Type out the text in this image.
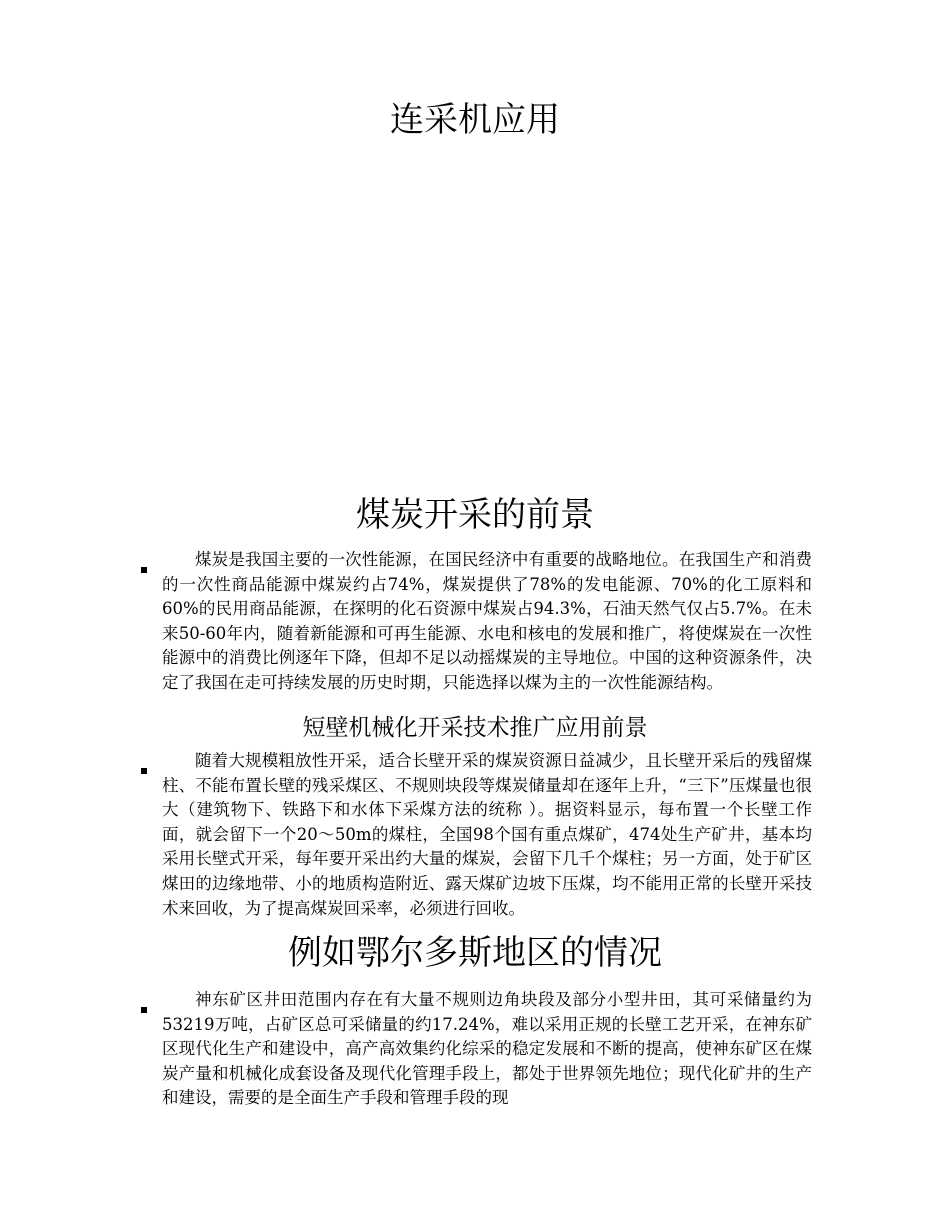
连采机应用
煤炭开采的前景

煤炭是我国主要的一次性能源，在国民经济中有重要的战略地位。在我国生产和消费的一次性商品能源中煤炭约占74%，煤炭提供了78%的发电能源、70%的化工原料和60%的民用商品能源，在探明的化石资源中煤炭占94.3%，石油天然气仅占5.7%。在未来50-60年内，随着新能源和可再生能源、水电和核电的发展和推广，将使煤炭在一次性能源中的消费比例逐年下降，但却不足以动摇煤炭的主导地位。中国的这种资源条件，决定了我国在走可持续发展的历史时期，只能选择以煤为主的一次性能源结构。

短壁机械化开采技术推广应用前景

随着大规模粗放性开采，适合长壁开采的煤炭资源日益减少，且长壁开采后的残留煤柱、不能布置长壁的残采煤区、不规则块段等煤炭储量却在逐年上升，“三下”压煤量也很大（建筑物下、铁路下和水体下采煤方法的统称 ）。据资料显示，每布置一个长壁工作面，就会留下一个20～50m的煤柱，全国98个国有重点煤矿，474处生产矿井，基本均采用长壁式开采，每年要开采出约大量的煤炭，会留下几千个煤柱；另一方面，处于矿区煤田的边缘地带、小的地质构造附近、露天煤矿边坡下压煤，均不能用正常的长壁开采技术来回收，为了提高煤炭回采率，必须进行回收。

例如鄂尔多斯地区的情况

神东矿区井田范围内存在有大量不规则边角块段及部分小型井田，其可采储量约为53219万吨，占矿区总可采储量的约17.24%，难以采用正规的长壁工艺开采，在神东矿区现代化生产和建设中，高产高效集约化综采的稳定发展和不断的提高，使神东矿区在煤炭产量和机械化成套设备及现代化管理手段上，都处于世界领先地位；现代化矿井的生产和建设，需要的是全面生产手段和管理手段的现
